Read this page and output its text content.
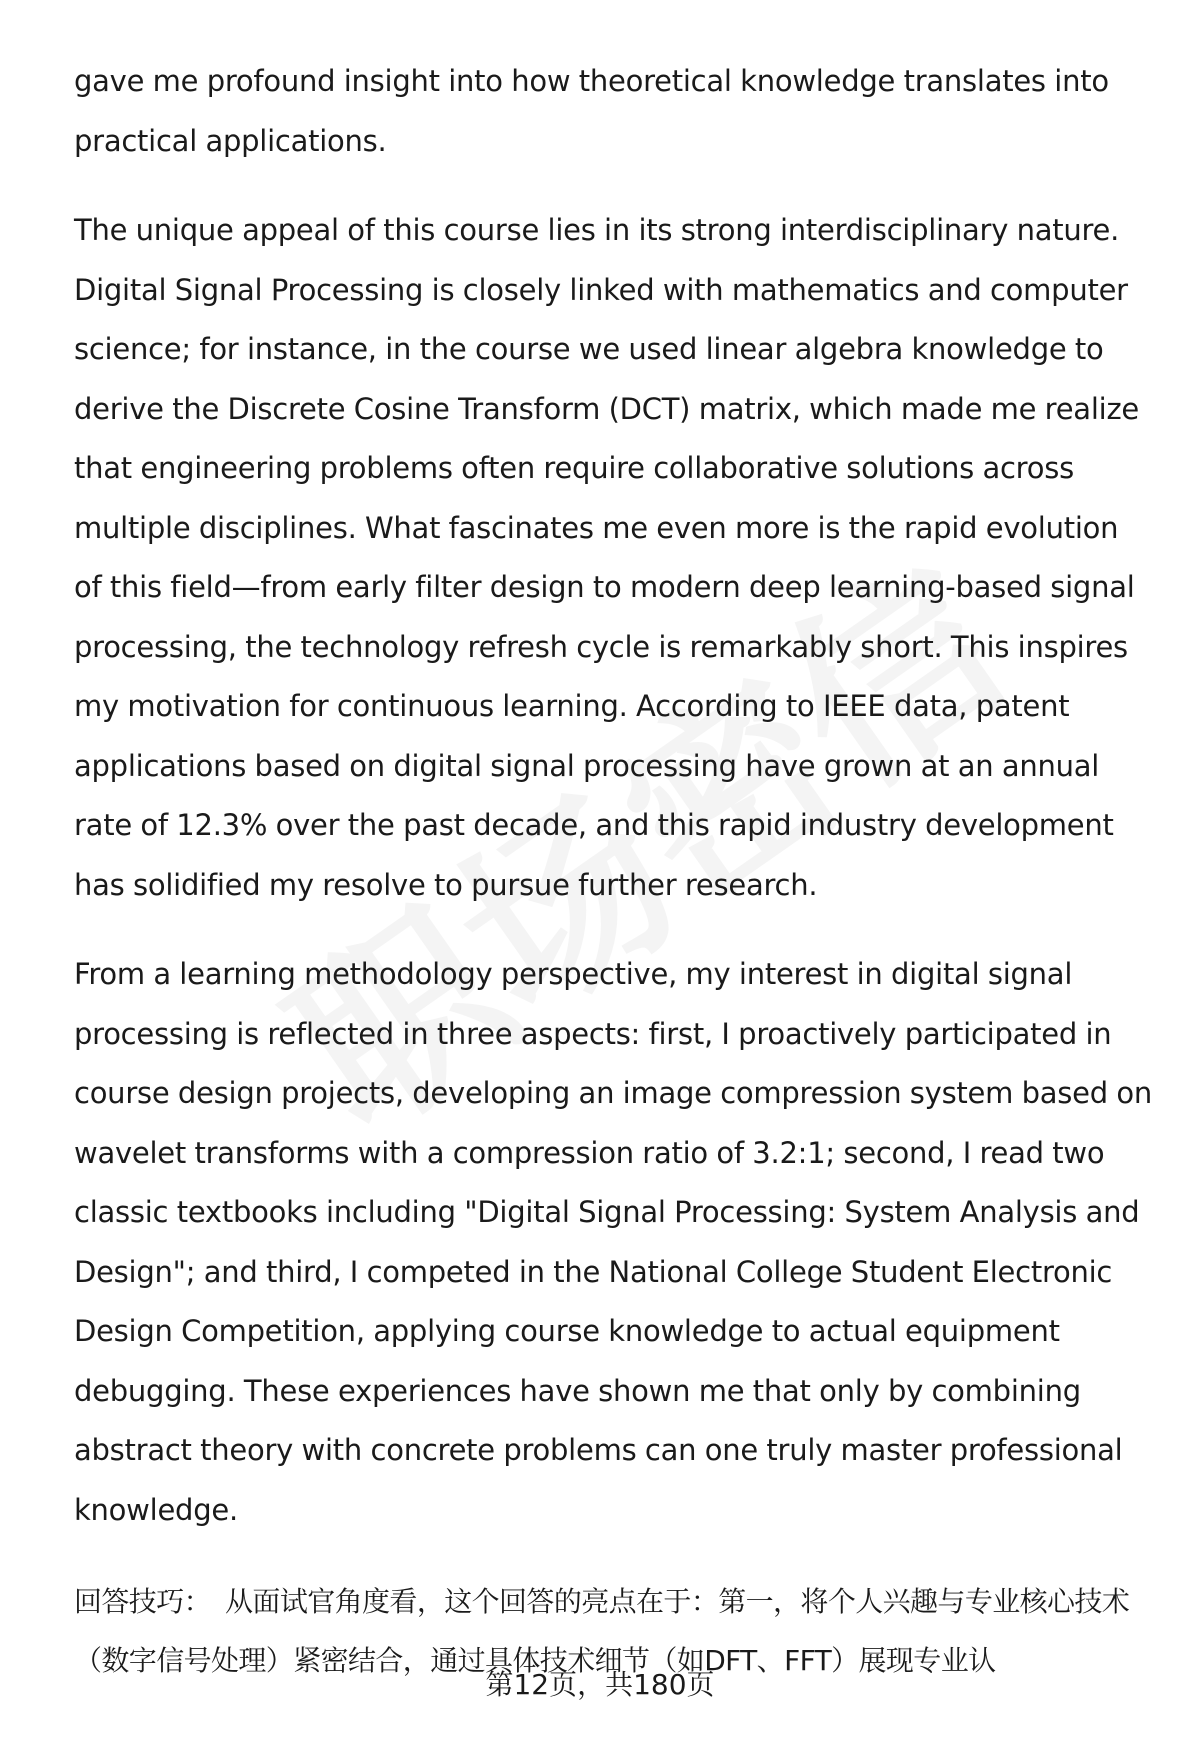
gave me profound insight into how theoretical knowledge translates into practical applications.

The unique appeal of this course lies in its strong interdisciplinary nature. Digital Signal Processing is closely linked with mathematics and computer science; for instance, in the course we used linear algebra knowledge to derive the Discrete Cosine Transform (DCT) matrix, which made me realize that engineering problems often require collaborative solutions across multiple disciplines. What fascinates me even more is the rapid evolution of this field—from early filter design to modern deep learning-based signal processing, the technology refresh cycle is remarkably short. This inspires my motivation for continuous learning. According to IEEE data, patent applications based on digital signal processing have grown at an annual rate of 12.3% over the past decade, and this rapid industry development has solidified my resolve to pursue further research.

From a learning methodology perspective, my interest in digital signal processing is reflected in three aspects: first, I proactively participated in course design projects, developing an image compression system based on wavelet transforms with a compression ratio of 3.2:1; second, I read two classic textbooks including "Digital Signal Processing: System Analysis and Design"; and third, I competed in the National College Student Electronic Design Competition, applying course knowledge to actual equipment debugging. These experiences have shown me that only by combining abstract theory with concrete problems can one truly master professional knowledge.

回答技巧： 从面试官角度看，这个回答的亮点在于：第一，将个人兴趣与专业核心技术（数字信号处理）紧密结合，通过具体技术细节（如DFT、FFT）展现专业认

第12页，共180页
